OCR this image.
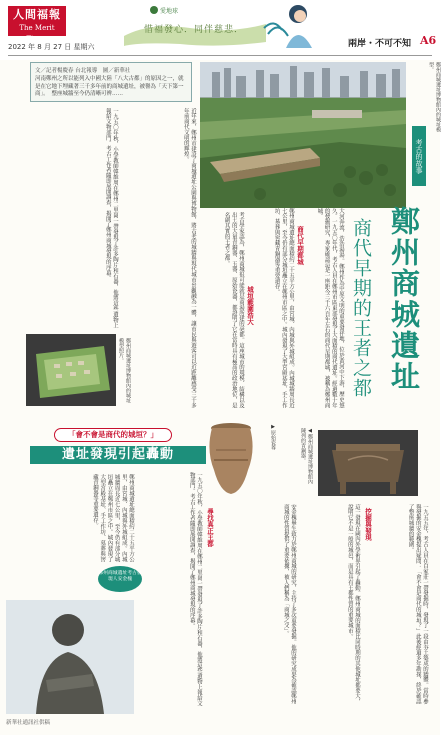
人間福報
The Merit Times
2022 年 8 月 27 日 星期六
愛地球
惜福發心．同伴慈悲．
兩岸・不可不知 A6
文／記者楊慶春 台北報導　圖／新華社
河南鄭州之所以能列入中國大陸「八大古都」的原因之一，就是在它地下埋藏著三千多年前的商城遺址，被譽為「天下第一商」。　整座城牆至今仍清晰可辨……	鄭州商城遺址博物館內的城址模型。
考古的故事
鄭州商城遺址
商代早期的王者之都
大河奔流，浩浩湯湯。鄭州作為中原文明的重要發祥地，位於黃河中下游，歷史悠久。一九五〇年代，考古人員在鄭州市區東部發現了大面積的商代遺址。經過數十年的發掘研究，專家確認這是一座距今三千六百年左右的商代早期都城，被稱為鄭州商城。
商代早期都城
鄭州商城遺址總面積約二十五平方公里，由宮城、內城與外城組成。內城城牆周長近七公里，至今仍有部分城垣矗立在鄭州市區之中。城內發現了大型宮殿基址、手工作坊、墓葬與窖藏青銅器等重要遺存。
城垣範圍浩大
考古學家認為，鄭州商城很可能就是商湯所建的亳都。這座城市的規模、結構以及出土的大量青銅器、玉器、原始瓷器，都證明了它在當時具有極高的政治地位，是名副其實的王者之都。
近年來，鄭州市建設了商城遺址公園與博物館，將古老的城牆與現代城市景觀融為一體，讓市民與遊客可以近距離感受三千多年前商代文明的輝煌。
一九五〇年秋，小學教師韓維周在鄭州二里崗一帶發現了許多陶片和石器，他將這些遺物上報給文物部門。考古工作者隨即展開調查，揭開了鄭州商城發現的序幕。
鄭州商城遺址博物館內的城址模型照片。
「會不會是商代的城垣？」
遺址發現引起轟動
▶原始瓷尊	◀鄭州商城遺址博物館內陳列的青銅器。
一九五五年，考古人員在白家莊一帶發掘時，發現了一段由夯土築成的牆體。當時參與發掘的安金槐提出疑問：「會不會是商代的城垣？」此後經過多年勘探，終於確認了整座城牆的範圍。
挖掘與發現
這一發現在國內外學術界引起了轟動。鄭州商城的面積比同時期的其他城址都要大，說明它不是一般的城邑，而是具有王都性質的重要城市。
安金槐畢生致力於鄭州商城的研究，主持了多次重要發掘。他的研究成果為確認鄭州商城的性質提供了重要依據，被人們稱為「商城之父」。
尋找真正王都
一九五〇年秋，小學教師韓維周在鄭州二里崗一帶發現了許多陶片和石器，他將這些遺物上報給文物部門。考古工作者隨即展開調查，揭開了鄭州商城發現的序幕。
鄭州商城遺址總面積約二十五平方公里，由宮城、內城與外城組成。內城城牆周長近七公里，至今仍有部分城垣矗立在鄭州市區之中。城內發現了大型宮殿基址、手工作坊、墓葬與窖藏青銅器等重要遺存。
鄭州商城遺址考古發現人安金槐
新華社通訊社供稿
